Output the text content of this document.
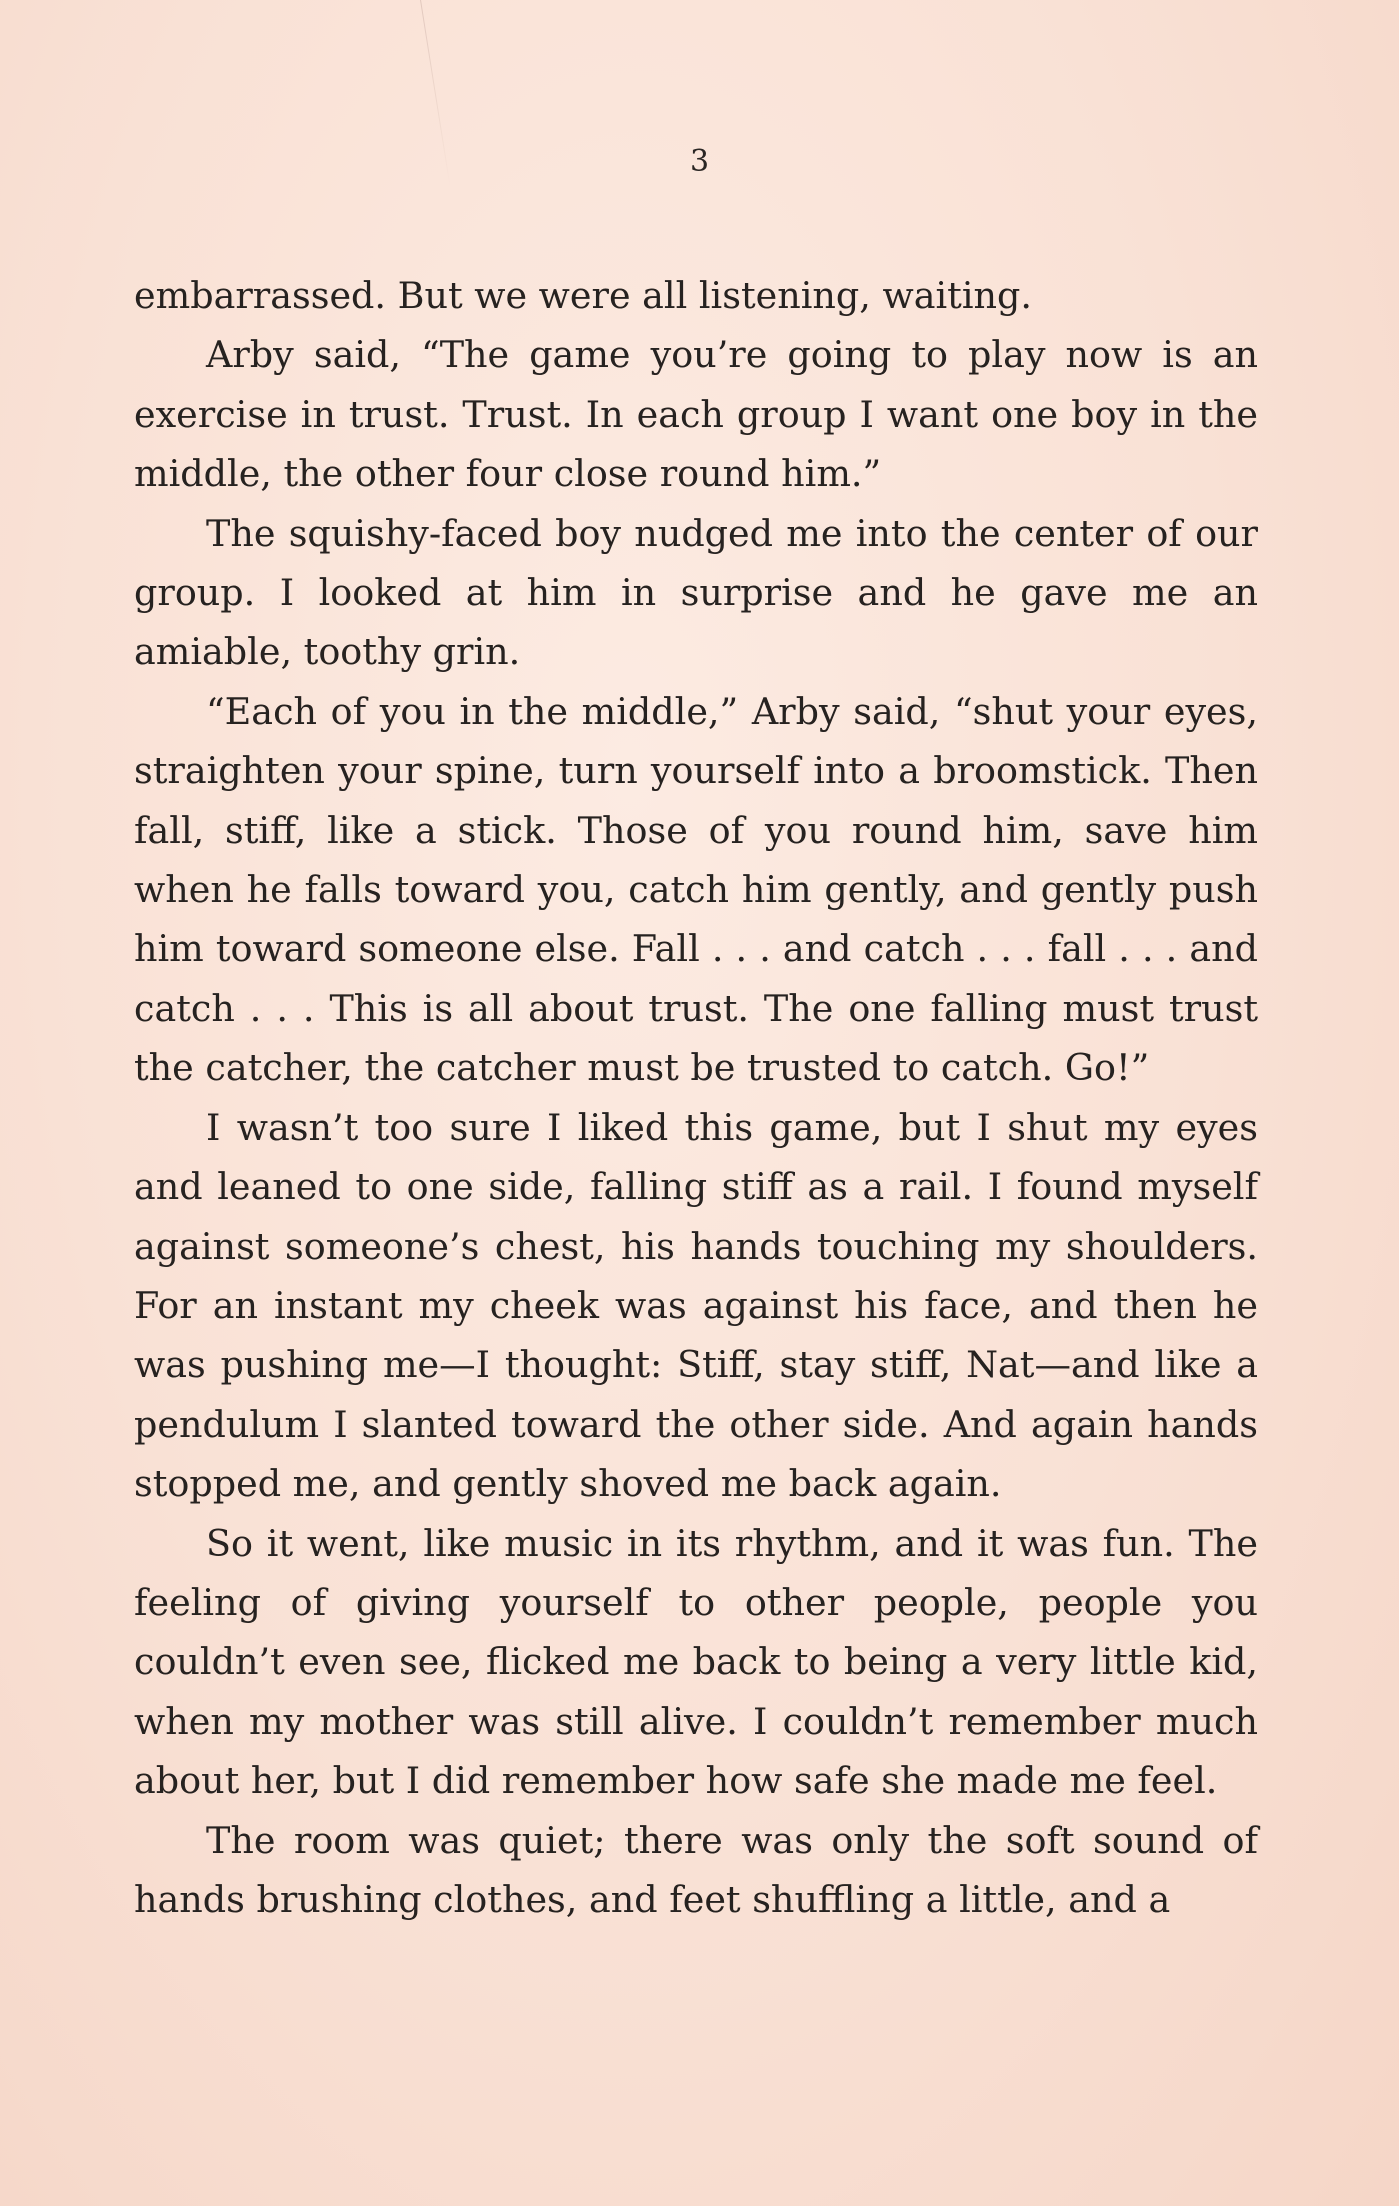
3

embarrassed. But we were all listening, waiting.

Arby said, “The game you’re going to play now is an exercise in trust. Trust. In each group I want one boy in the middle, the other four close round him.”

The squishy-faced boy nudged me into the center of our group. I looked at him in surprise and he gave me an amiable, toothy grin.

“Each of you in the middle,” Arby said, “shut your eyes, straighten your spine, turn yourself into a broomstick. Then fall, stiff, like a stick. Those of you round him, save him when he falls toward you, catch him gently, and gently push him toward someone else. Fall . . . and catch . . . fall . . . and catch . . . This is all about trust. The one falling must trust the catcher, the catcher must be trusted to catch. Go!”

I wasn’t too sure I liked this game, but I shut my eyes and leaned to one side, falling stiff as a rail. I found myself against someone’s chest, his hands touching my shoulders. For an instant my cheek was against his face, and then he was pushing me—I thought: Stiff, stay stiff, Nat—and like a pendulum I slanted toward the other side. And again hands stopped me, and gently shoved me back again.

So it went, like music in its rhythm, and it was fun. The feeling of giving yourself to other people, people you couldn’t even see, flicked me back to being a very little kid, when my mother was still alive. I couldn’t remember much about her, but I did remember how safe she made me feel.

The room was quiet; there was only the soft sound of hands brushing clothes, and feet shuffling a little, and a
